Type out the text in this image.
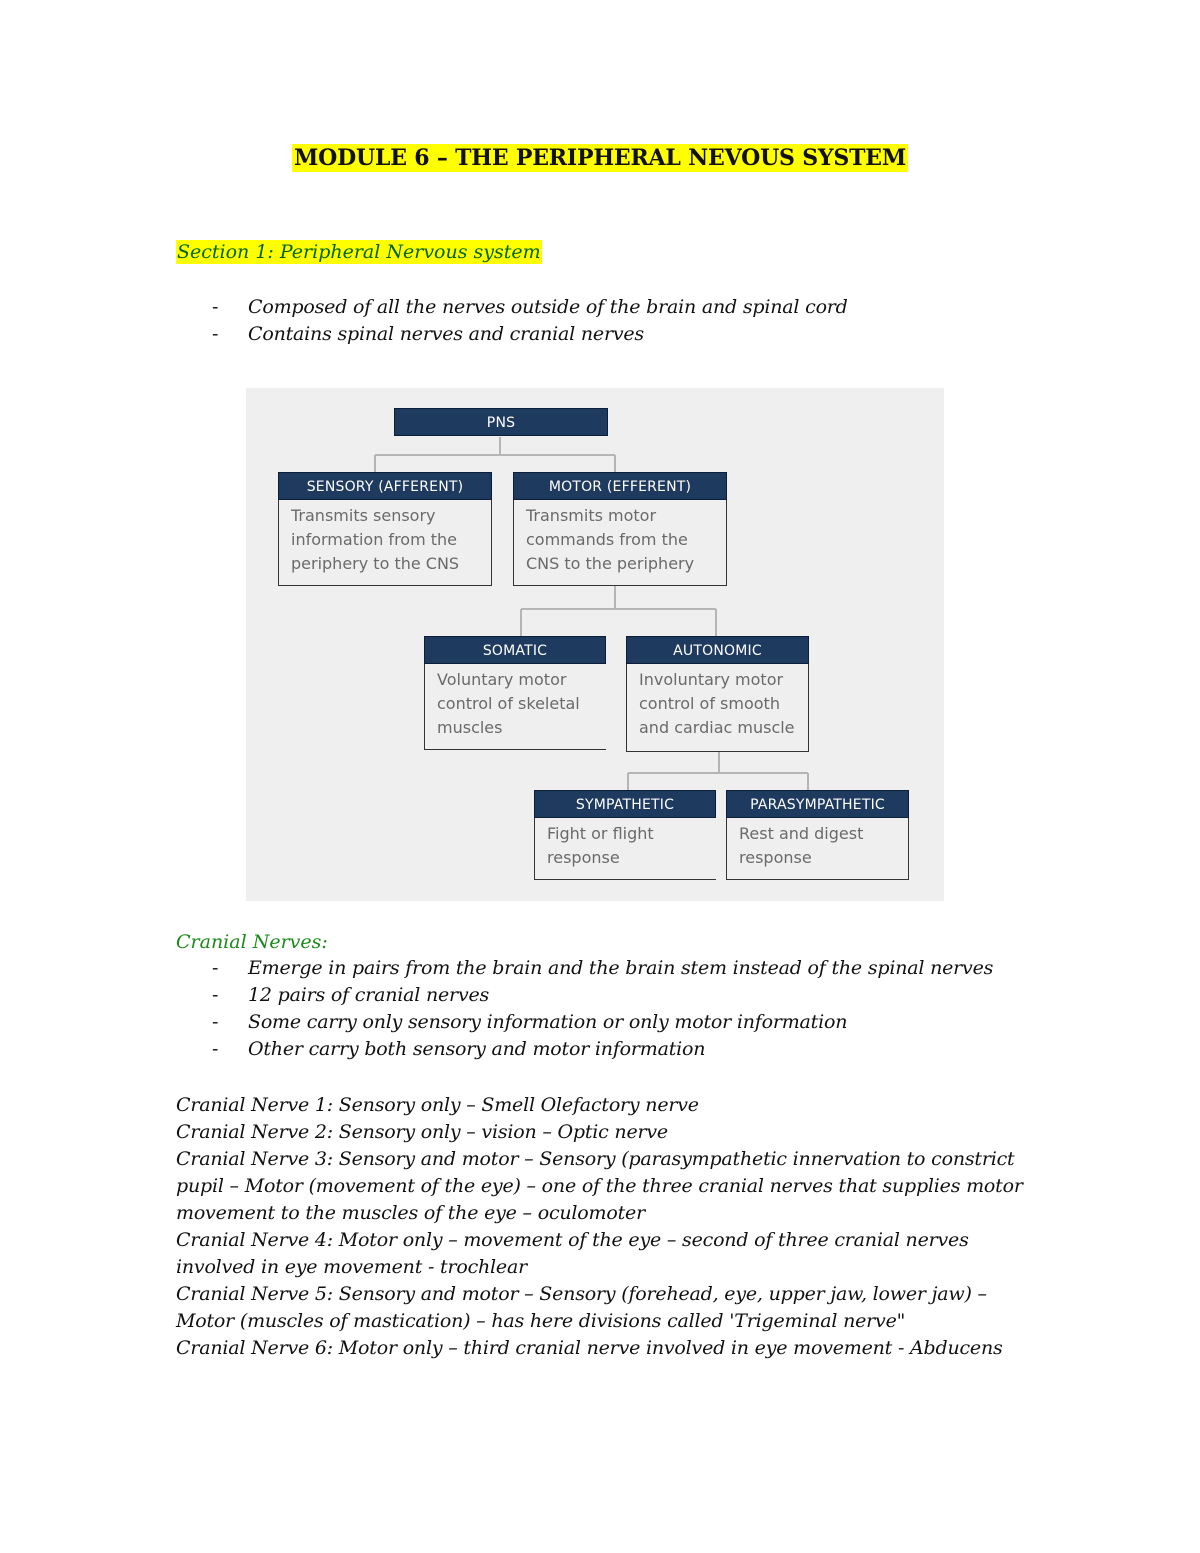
MODULE 6 – THE PERIPHERAL NEVOUS SYSTEM
Section 1: Peripheral Nervous system
- Composed of all the nerves outside of the brain and spinal cord
- Contains spinal nerves and cranial nerves
PNS
SENSORY (AFFERENT)
Transmits sensory
information from the
periphery to the CNS
MOTOR (EFFERENT)
Transmits motor
commands from the
CNS to the periphery
SOMATIC
Voluntary motor
control of skeletal
muscles
AUTONOMIC
Involuntary motor
control of smooth
and cardiac muscle
SYMPATHETIC
Fight or flight
response
PARASYMPATHETIC
Rest and digest
response
Cranial Nerves:
- Emerge in pairs from the brain and the brain stem instead of the spinal nerves
- 12 pairs of cranial nerves
- Some carry only sensory information or only motor information
- Other carry both sensory and motor information

Cranial Nerve 1: Sensory only – Smell Olefactory nerve

Cranial Nerve 2: Sensory only – vision – Optic nerve

Cranial Nerve 3: Sensory and motor – Sensory (parasympathetic innervation to constrict pupil – Motor (movement of the eye) – one of the three cranial nerves that supplies motor movement to the muscles of the eye – oculomoter

Cranial Nerve 4: Motor only – movement of the eye – second of three cranial nerves involved in eye movement - trochlear

Cranial Nerve 5: Sensory and motor – Sensory (forehead, eye, upper jaw, lower jaw) – Motor (muscles of mastication) – has here divisions called 'Trigeminal nerve"

Cranial Nerve 6: Motor only – third cranial nerve involved in eye movement - Abducens
